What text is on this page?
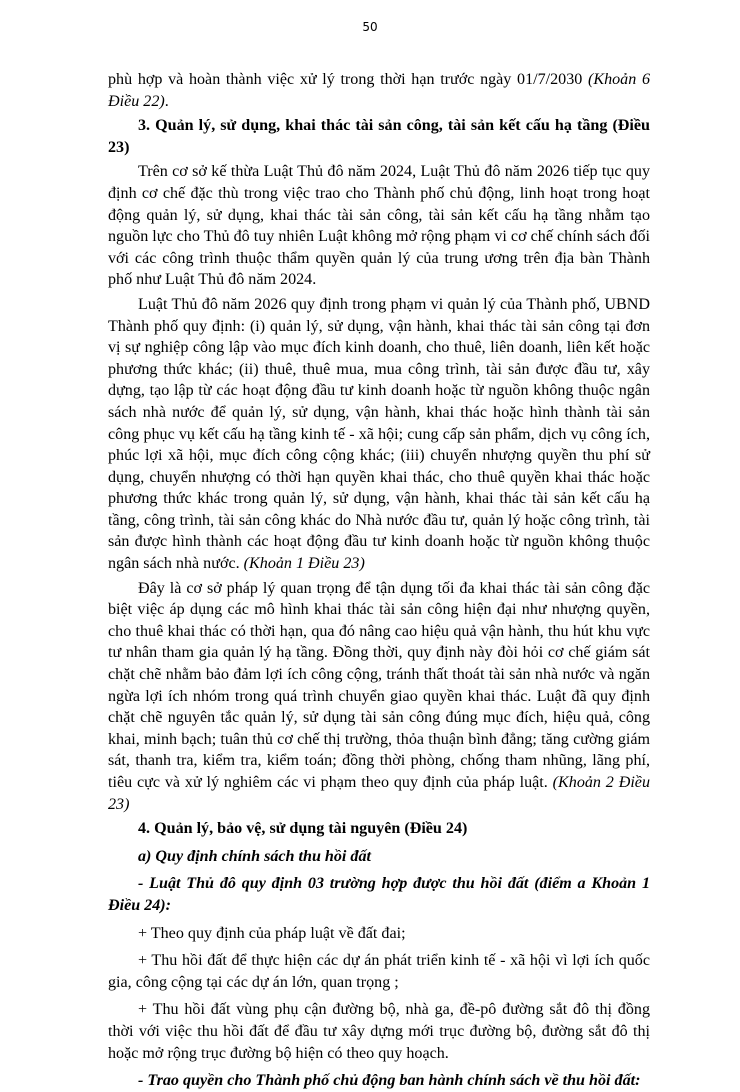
50

phù hợp và hoàn thành việc xử lý trong thời hạn trước ngày 01/7/2030 (Khoản 6 Điều 22).

3. Quản lý, sử dụng, khai thác tài sản công, tài sản kết cấu hạ tầng (Điều 23)

Trên cơ sở kế thừa Luật Thủ đô năm 2024, Luật Thủ đô năm 2026 tiếp tục quy định cơ chế đặc thù trong việc trao cho Thành phố chủ động, linh hoạt trong hoạt động quản lý, sử dụng, khai thác tài sản công, tài sản kết cấu hạ tầng nhằm tạo nguồn lực cho Thủ đô tuy nhiên Luật không mở rộng phạm vi cơ chế chính sách đối với các công trình thuộc thẩm quyền quản lý của trung ương trên địa bàn Thành phố như Luật Thủ đô năm 2024.

Luật Thủ đô năm 2026 quy định trong phạm vi quản lý của Thành phố, UBND Thành phố quy định: (i) quản lý, sử dụng, vận hành, khai thác tài sản công tại đơn vị sự nghiệp công lập vào mục đích kinh doanh, cho thuê, liên doanh, liên kết hoặc phương thức khác; (ii) thuê, thuê mua, mua công trình, tài sản được đầu tư, xây dựng, tạo lập từ các hoạt động đầu tư kinh doanh hoặc từ nguồn không thuộc ngân sách nhà nước để quản lý, sử dụng, vận hành, khai thác hoặc hình thành tài sản công phục vụ kết cấu hạ tầng kinh tế - xã hội; cung cấp sản phẩm, dịch vụ công ích, phúc lợi xã hội, mục đích công cộng khác; (iii) chuyển nhượng quyền thu phí sử dụng, chuyển nhượng có thời hạn quyền khai thác, cho thuê quyền khai thác hoặc phương thức khác trong quản lý, sử dụng, vận hành, khai thác tài sản kết cấu hạ tầng, công trình, tài sản công khác do Nhà nước đầu tư, quản lý hoặc công trình, tài sản được hình thành các hoạt động đầu tư kinh doanh hoặc từ nguồn không thuộc ngân sách nhà nước. (Khoản 1 Điều 23)

Đây là cơ sở pháp lý quan trọng để tận dụng tối đa khai thác tài sản công đặc biệt việc áp dụng các mô hình khai thác tài sản công hiện đại như nhượng quyền, cho thuê khai thác có thời hạn, qua đó nâng cao hiệu quả vận hành, thu hút khu vực tư nhân tham gia quản lý hạ tầng. Đồng thời, quy định này đòi hỏi cơ chế giám sát chặt chẽ nhằm bảo đảm lợi ích công cộng, tránh thất thoát tài sản nhà nước và ngăn ngừa lợi ích nhóm trong quá trình chuyển giao quyền khai thác. Luật đã quy định chặt chẽ nguyên tắc quản lý, sử dụng tài sản công đúng mục đích, hiệu quả, công khai, minh bạch; tuân thủ cơ chế thị trường, thỏa thuận bình đẳng; tăng cường giám sát, thanh tra, kiểm tra, kiểm toán; đồng thời phòng, chống tham nhũng, lãng phí, tiêu cực và xử lý nghiêm các vi phạm theo quy định của pháp luật. (Khoản 2 Điều 23)

4. Quản lý, bảo vệ, sử dụng tài nguyên (Điều 24)

a) Quy định chính sách thu hồi đất

- Luật Thủ đô quy định 03 trường hợp được thu hồi đất (điểm a Khoản 1 Điều 24):

+ Theo quy định của pháp luật về đất đai;

+ Thu hồi đất để thực hiện các dự án phát triển kinh tế - xã hội vì lợi ích quốc gia, công cộng tại các dự án lớn, quan trọng ;

+ Thu hồi đất vùng phụ cận đường bộ, nhà ga, đề-pô đường sắt đô thị đồng thời với việc thu hồi đất để đầu tư xây dựng mới trục đường bộ, đường sắt đô thị hoặc mở rộng trục đường bộ hiện có theo quy hoạch.

- Trao quyền cho Thành phố chủ động ban hành chính sách về thu hồi đất:
